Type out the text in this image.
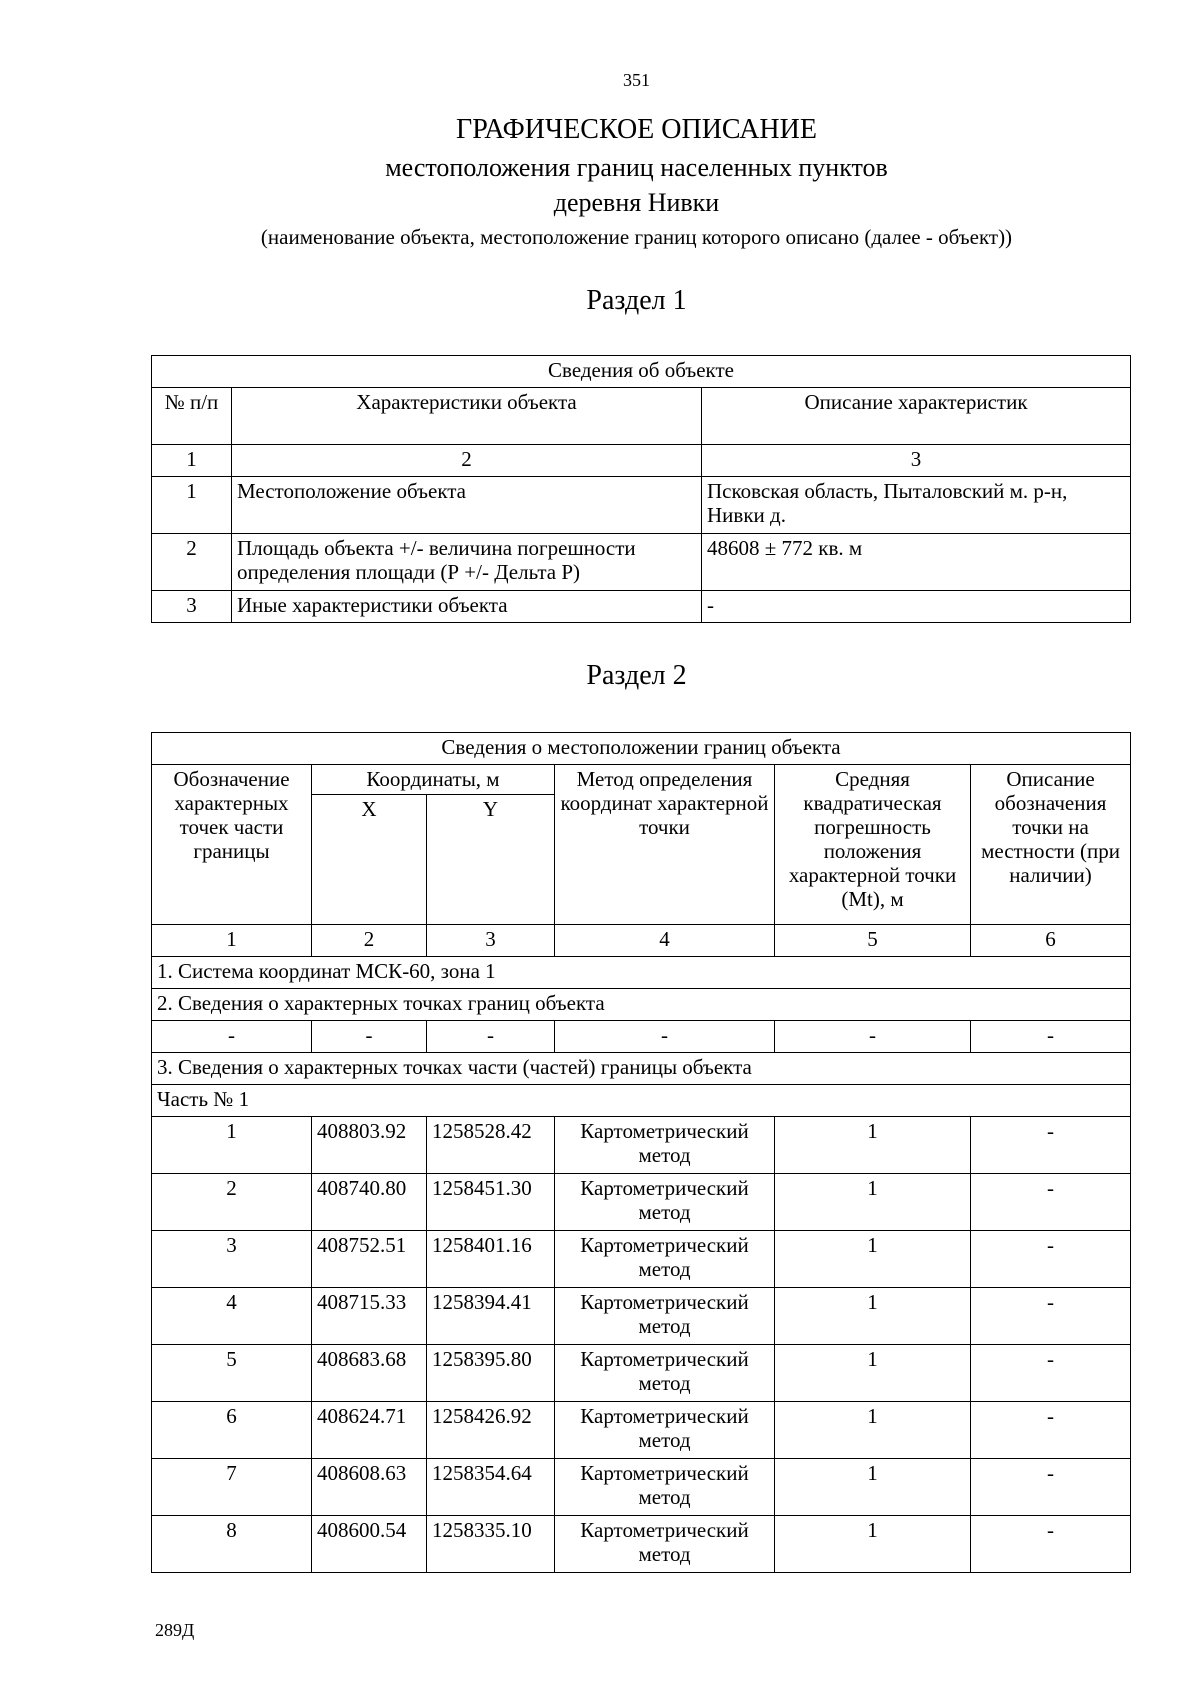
351
ГРАФИЧЕСКОЕ ОПИСАНИЕ
местоположения границ населенных пунктов
деревня Нивки
(наименование объекта, местоположение границ которого описано (далее - объект))
Раздел 1
Сведения об объекте		
№ п/п	Характеристики объекта	Описание характеристик
1	2	3
1	Местоположение объекта	Псковская область, Пыталовский м. р-н, Нивки д.
2	Площадь объекта +/- величина погрешности определения площади (Р +/- Дельта Р)	48608 ± 772 кв. м
3	Иные характеристики объекта	-
Раздел 2
Сведения о местоположении границ объекта					
Обозначение характерных точек части границы	Координаты, м		Метод определения координат характерной точки	Средняя квадратическая погрешность положения характерной точки (Mt), м	Описание обозначения точки на местности (при наличии)
	X	Y			
1	2	3	4	5	6
1. Система координат МСК-60, зона 1					
2. Сведения о характерных точках границ объекта					
-	-	-	-	-	-
3. Сведения о характерных точках части (частей) границы объекта					
Часть № 1					
1	408803.92	1258528.42	Картометрический метод	1	-
2	408740.80	1258451.30	Картометрический метод	1	-
3	408752.51	1258401.16	Картометрический метод	1	-
4	408715.33	1258394.41	Картометрический метод	1	-
5	408683.68	1258395.80	Картометрический метод	1	-
6	408624.71	1258426.92	Картометрический метод	1	-
7	408608.63	1258354.64	Картометрический метод	1	-
8	408600.54	1258335.10	Картометрический метод	1	-
289Д
